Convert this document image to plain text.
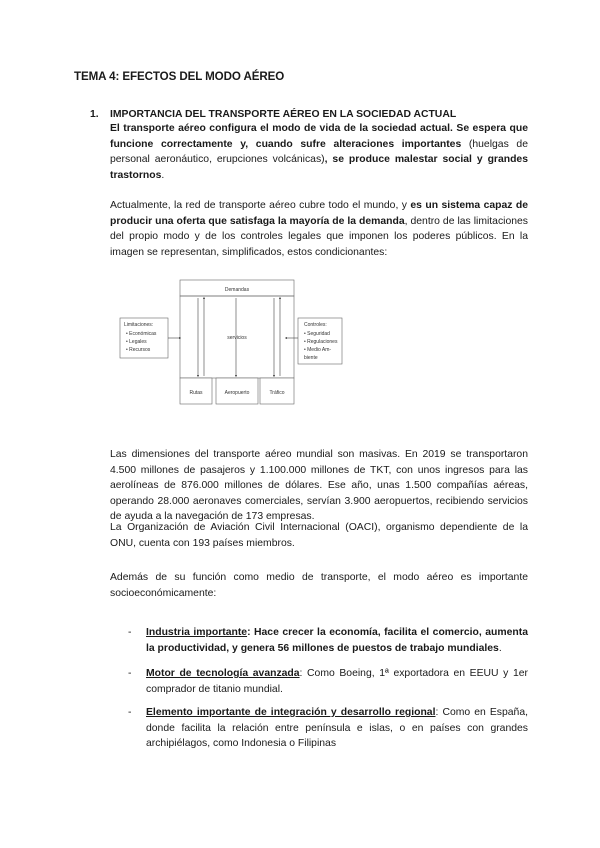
TEMA 4: EFECTOS DEL MODO AÉREO
1. IMPORTANCIA DEL TRANSPORTE AÉREO EN LA SOCIEDAD ACTUAL
El transporte aéreo configura el modo de vida de la sociedad actual. Se espera que funcione correctamente y, cuando sufre alteraciones importantes (huelgas de personal aeronáutico, erupciones volcánicas), se produce malestar social y grandes trastornos.
Actualmente, la red de transporte aéreo cubre todo el mundo, y es un sistema capaz de producir una oferta que satisfaga la mayoría de la demanda, dentro de las limitaciones del propio modo y de los controles legales que imponen los poderes públicos. En la imagen se representan, simplificados, estos condicionantes:
Demandas
servicios
Limitaciones:
• Económicas
• Legales
• Recursos
Controles:
• Seguridad
• Regulaciones
• Medio Am-
biente
Rutas	Aeropuerto	Tráfico
Las dimensiones del transporte aéreo mundial son masivas. En 2019 se transportaron 4.500 millones de pasajeros y 1.100.000 millones de TKT, con unos ingresos para las aerolíneas de 876.000 millones de dólares. Ese año, unas 1.500 compañías aéreas, operando 28.000 aeronaves comerciales, servían 3.900 aeropuertos, recibiendo servicios de ayuda a la navegación de 173 empresas.
La Organización de Aviación Civil Internacional (OACI), organismo dependiente de la ONU, cuenta con 193 países miembros.
Además de su función como medio de transporte, el modo aéreo es importante socioeconómicamente:
- Industria importante: Hace crecer la economía, facilita el comercio, aumenta la productividad, y genera 56 millones de puestos de trabajo mundiales.
- Motor de tecnología avanzada: Como Boeing, 1ª exportadora en EEUU y 1er comprador de titanio mundial.
- Elemento importante de integración y desarrollo regional: Como en España, donde facilita la relación entre península e islas, o en países con grandes archipiélagos, como Indonesia o Filipinas
